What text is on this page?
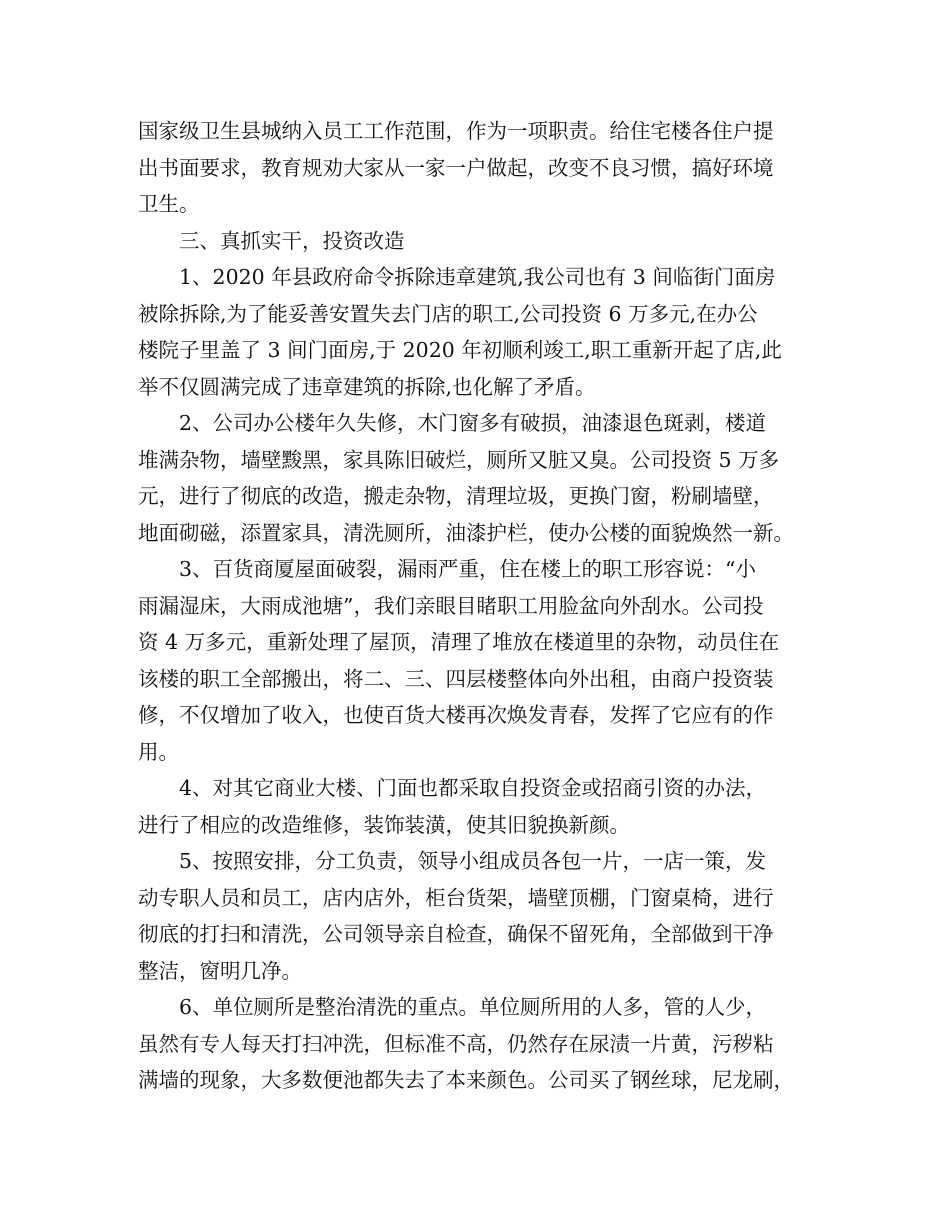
国家级卫生县城纳入员工工作范围，作为一项职责。给住宅楼各住户提
出书面要求，教育规劝大家从一家一户做起，改变不良习惯，搞好环境
卫生。
三、真抓实干，投资改造
1、2020 年县政府命令拆除违章建筑,我公司也有 3 间临街门面房
被除拆除,为了能妥善安置失去门店的职工,公司投资 6 万多元,在办公
楼院子里盖了 3 间门面房,于 2020 年初顺利竣工,职工重新开起了店,此
举不仅圆满完成了违章建筑的拆除,也化解了矛盾。
2、公司办公楼年久失修，木门窗多有破损，油漆退色斑剥，楼道
堆满杂物，墙壁黢黑，家具陈旧破烂，厕所又脏又臭。公司投资 5 万多
元，进行了彻底的改造，搬走杂物，清理垃圾，更换门窗，粉刷墙壁，
地面砌磁，添置家具，清洗厕所，油漆护栏，使办公楼的面貌焕然一新。
3、百货商厦屋面破裂，漏雨严重，住在楼上的职工形容说：“小
雨漏湿床，大雨成池塘”，我们亲眼目睹职工用脸盆向外刮水。公司投
资 4 万多元，重新处理了屋顶，清理了堆放在楼道里的杂物，动员住在
该楼的职工全部搬出，将二、三、四层楼整体向外出租，由商户投资装
修，不仅增加了收入，也使百货大楼再次焕发青春，发挥了它应有的作
用。
4、对其它商业大楼、门面也都采取自投资金或招商引资的办法，
进行了相应的改造维修，装饰装潢，使其旧貌换新颜。
5、按照安排，分工负责，领导小组成员各包一片，一店一策，发
动专职人员和员工，店内店外，柜台货架，墙壁顶棚，门窗桌椅，进行
彻底的打扫和清洗，公司领导亲自检查，确保不留死角，全部做到干净
整洁，窗明几净。
6、单位厕所是整治清洗的重点。单位厕所用的人多，管的人少，
虽然有专人每天打扫冲洗，但标准不高，仍然存在尿渍一片黄，污秽粘
满墙的现象，大多数便池都失去了本来颜色。公司买了钢丝球，尼龙刷，
